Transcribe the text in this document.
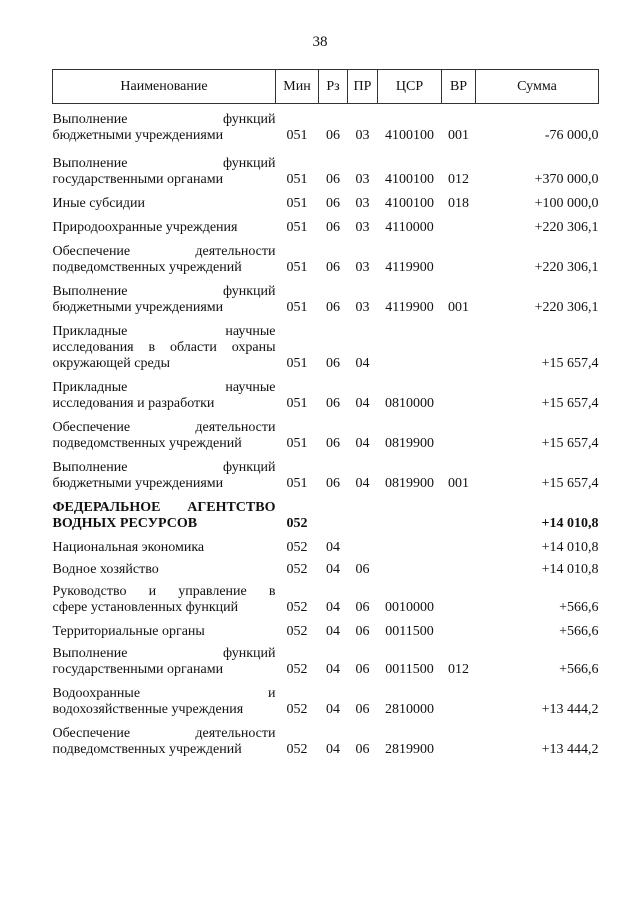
38
Наименование	Мин	Рз	ПР	ЦСР	ВР	Сумма

Выполнение функций
бюджетными учреждениями	051	06	03	4100100	001	-76 000,0

Выполнение функций
государственными органами	051	06	03	4100100	012	+370 000,0

Иные субсидии	051	06	03	4100100	018	+100 000,0

Природоохранные учреждения	051	06	03	4110000		+220 306,1

Обеспечение деятельности
подведомственных учреждений	051	06	03	4119900		+220 306,1

Выполнение функций
бюджетными учреждениями	051	06	03	4119900	001	+220 306,1

Прикладные научные
исследования в области охраны
окружающей среды	051	06	04			+15 657,4

Прикладные научные
исследования и разработки	051	06	04	0810000		+15 657,4

Обеспечение деятельности
подведомственных учреждений	051	06	04	0819900		+15 657,4

Выполнение функций
бюджетными учреждениями	051	06	04	0819900	001	+15 657,4

ФЕДЕРАЛЬНОЕ АГЕНТСТВО
ВОДНЫХ РЕСУРСОВ	052					+14 010,8

Национальная экономика	052	04				+14 010,8

Водное хозяйство	052	04	06			+14 010,8

Руководство и управление в
сфере установленных функций	052	04	06	0010000		+566,6

Территориальные органы	052	04	06	0011500		+566,6

Выполнение функций
государственными органами	052	04	06	0011500	012	+566,6

Водоохранные и
водохозяйственные учреждения	052	04	06	2810000		+13 444,2

Обеспечение деятельности
подведомственных учреждений	052	04	06	2819900		+13 444,2
